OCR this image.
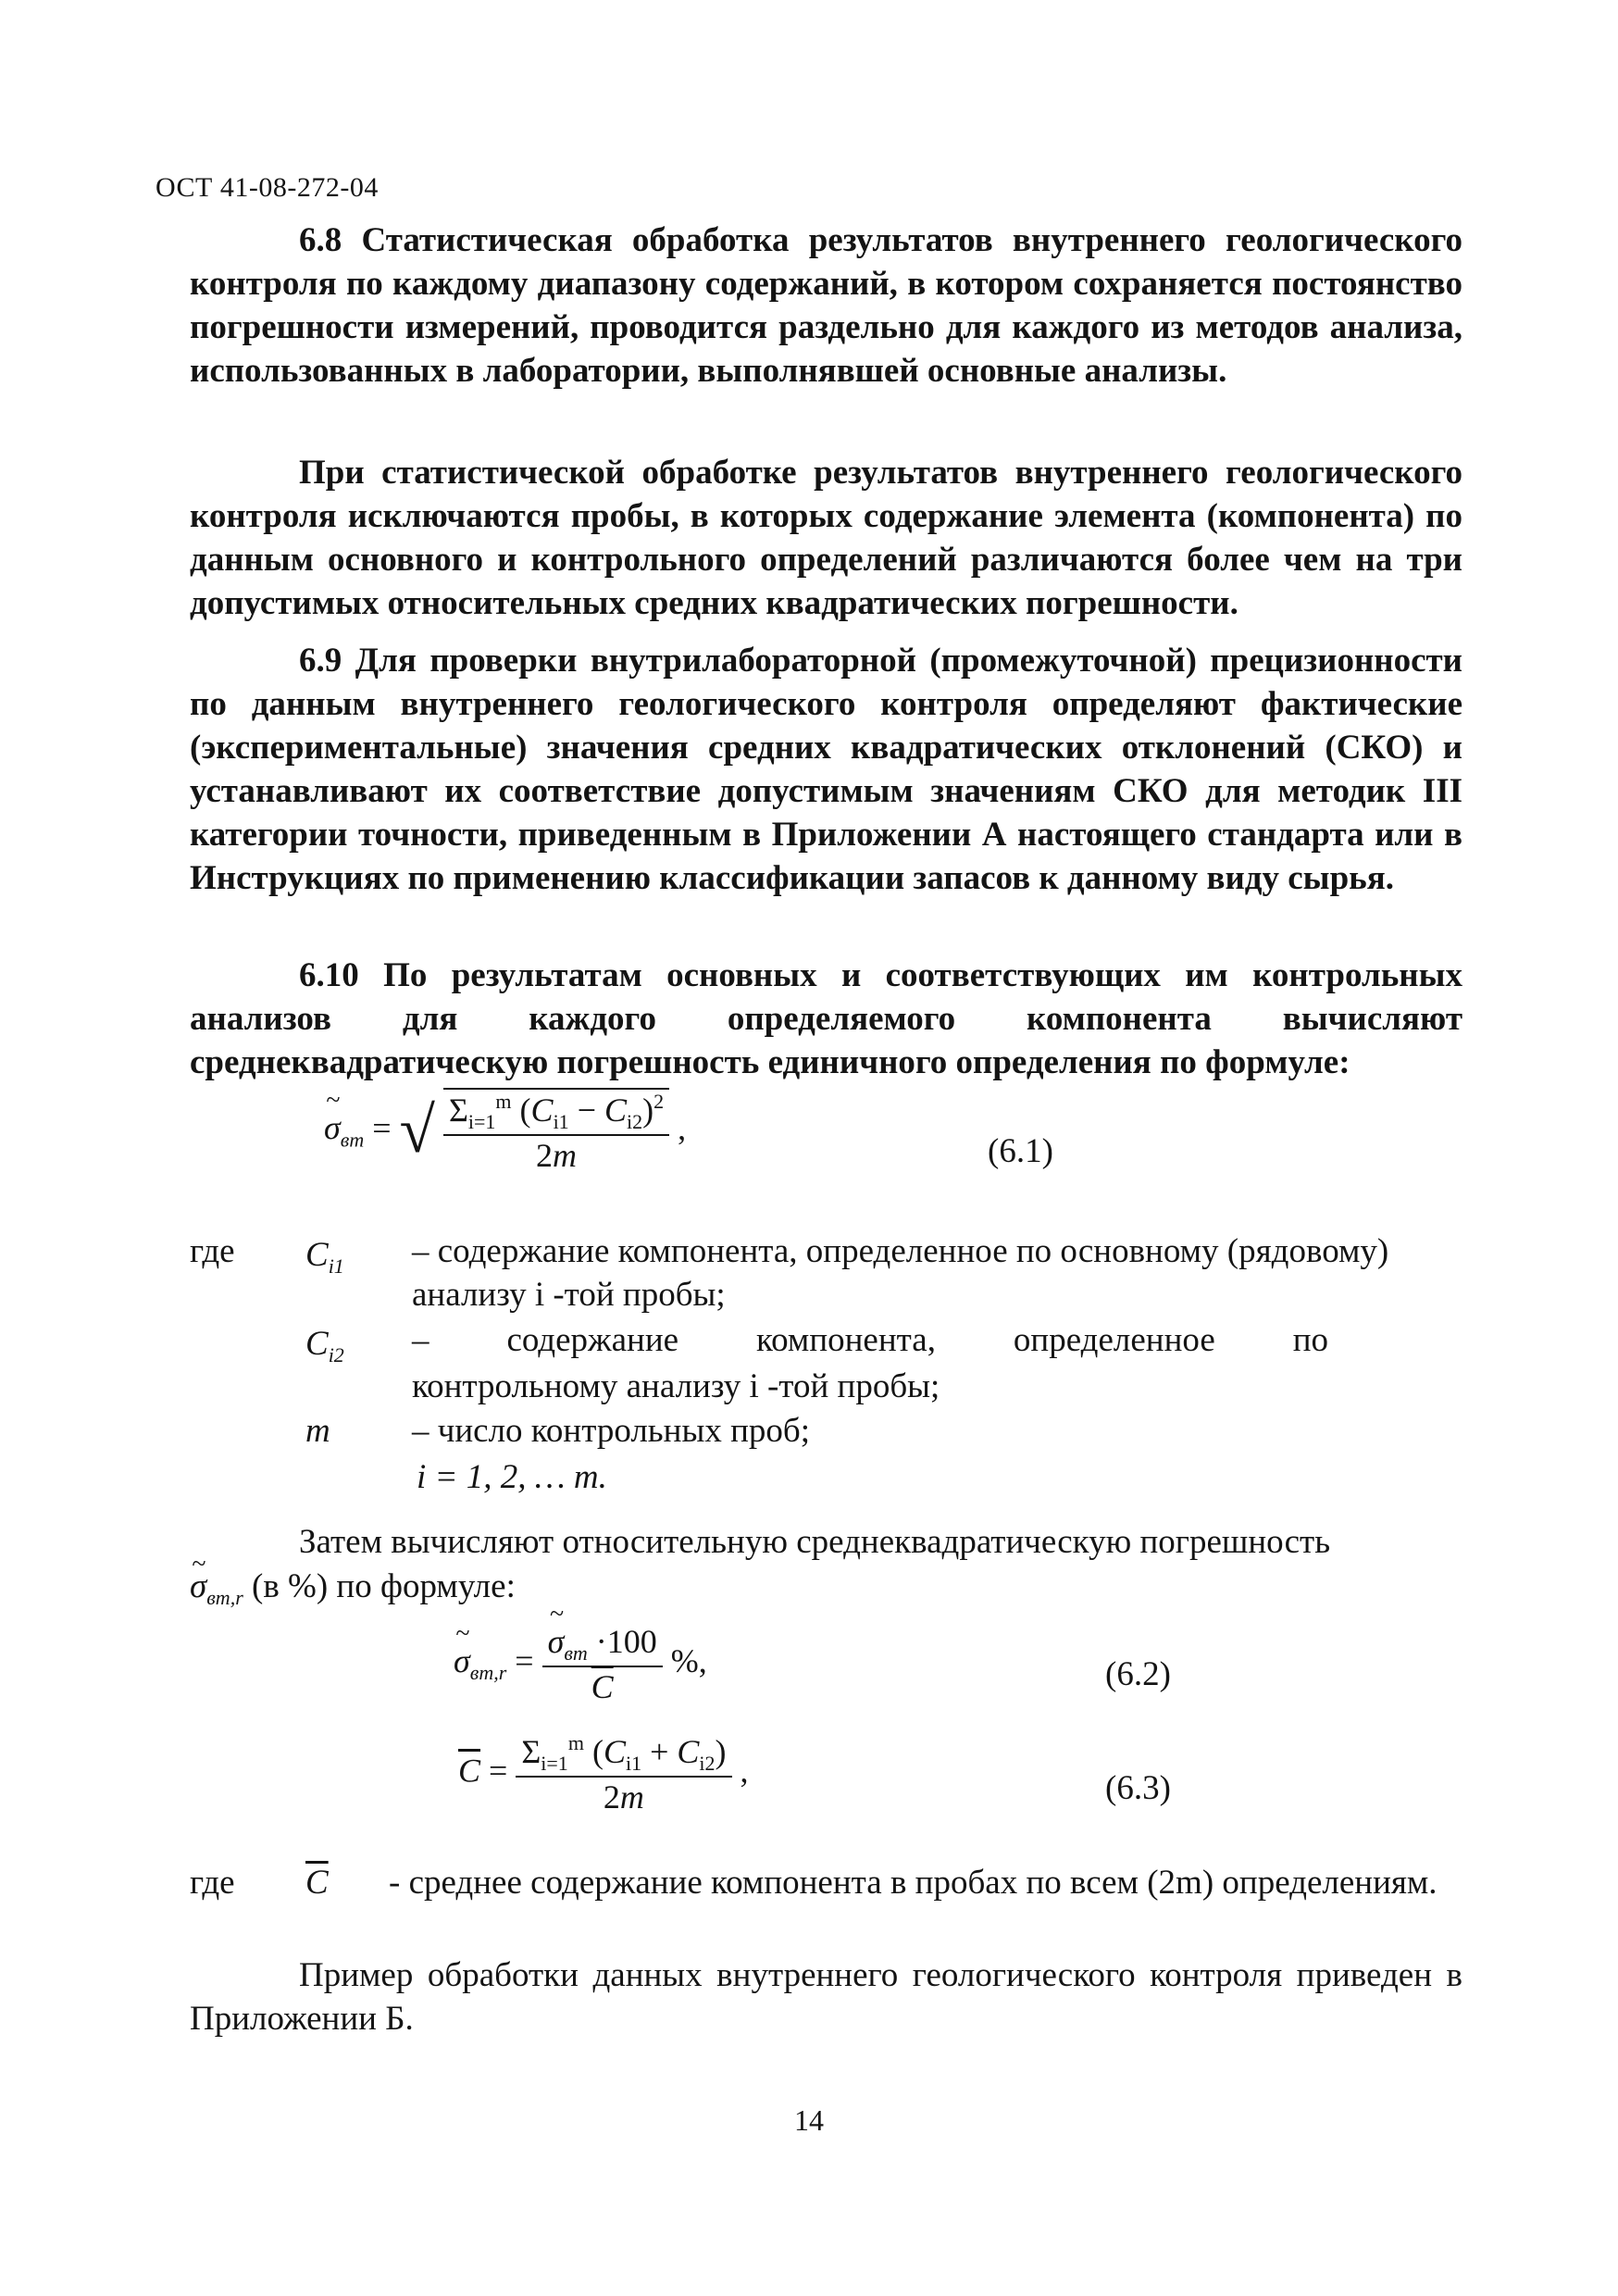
ОСТ 41-08-272-04

6.8 Статистическая обработка результатов внутреннего геологического контроля по каждому диапазону содержаний, в котором сохраняется постоянство погрешности измерений, проводится раздельно для каждого из методов анализа, использованных в лаборатории, выполнявшей основные анализы.

При статистической обработке результатов внутреннего геологического контроля исключаются пробы, в которых содержание элемента (компонента) по данным основного и контрольного определений различаются более чем на три допустимых относительных средних квадратических погрешности.

6.9 Для проверки внутрилабораторной (промежуточной) прецизионности по данным внутреннего геологического контроля определяют фактические (экспериментальные) значения средних квадратических отклонений (СКО) и устанавливают их соответствие допустимым значениям СКО для методик III категории точности, приведенным в Приложении А настоящего стандарта или в Инструкциях по применению классификации запасов к данному виду сырья.

6.10 По результатам основных и соответствующих им контрольных анализов для каждого определяемого компонента вычисляют среднеквадратическую погрешность единичного определения по формуле:

~ $\sigma_{вm}$ = √ $\frac{\Sigma_{i=1}^m (C_{i1} - C_{i2})^2}{2m}$ ,
(6.1)
где $C_{i1}$ – содержание компонента, определенное по основному (рядовому) анализу i -той пробы;
$C_{i2}$ – содержание компонента, определенное по
контрольному анализу i -той пробы;
m – число контрольных проб;
i = 1, 2, … m.

Затем вычисляют относительную среднеквадратическую погрешность

~ $\sigma_{вm,r}$ (в %) по формуле:
~ $\sigma_{вm,r}$ = ~ $\frac{\sigma_{вm} \cdot 100}{C}$ %,	(6.2)
$\overline{C} = \frac{\Sigma_{i=1}^m (C_{i1} + C_{i2})}{2m}$ ,	(6.3)
где $\overline{C}$ - среднее содержание компонента в пробах по всем (2m) определениям.

Пример обработки данных внутреннего геологического контроля приведен в Приложении Б.

14
